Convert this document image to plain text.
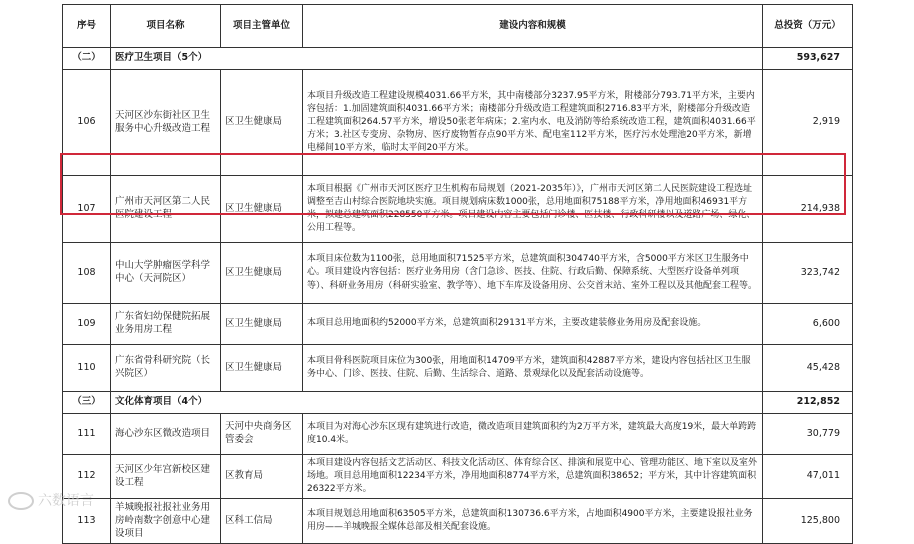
序号	项目名称	项目主管单位	建设内容和规模	总投资（万元）
（二）	医疗卫生项目（5个）			593,627
106	天河区沙东街社区卫生服务中心升级改造工程	区卫生健康局	本项目升级改造工程建设规模4031.66平方米，其中南楼部分3237.95平方米，附楼部分793.71平方米，主要内容包括：1.加固建筑面积4031.66平方米；南楼部分升级改造工程建筑面积2716.83平方米，附楼部分升级改造工程建筑面积264.57平方米，增设50张老年病床；2.室内水、电及消防等给系统改造工程，建筑面积4031.66平方米；3.社区专变房、杂物房、医疗废物暂存点90平方米、配电室112平方米，医疗污水处理池20平方米，新增电梯间10平方米，临时太平间20平方米。	2,919
107	广州市天河区第二人民医院建设工程	区卫生健康局	本项目根据《广州市天河区医疗卫生机构布局规划（2021-2035年）》，广州市天河区第二人民医院建设工程选址调整至吉山村综合医院地块实施。项目规划病床数1000张，总用地面积75188平方米，净用地面积46931平方米，拟建总建筑面积228550平方米。项目建设内容主要包括门诊楼、医技楼、行政科研楼以及道路广场、绿化、公用工程等。	214,938
108	中山大学肿瘤医学科学中心（天河院区）	区卫生健康局	本项目床位数为1100张，总用地面积71525平方米，总建筑面积304740平方米，含5000平方米区卫生服务中心。项目建设内容包括：医疗业务用房（含门急诊、医技、住院、行政后勤、保障系统、大型医疗设备单列项等）、科研业务用房（科研实验室、教学等）、地下车库及设备用房、公交首末站、室外工程以及其他配套工程等。	323,742
109	广东省妇幼保健院拓展业务用房工程	区卫生健康局	本项目总用地面积约52000平方米，总建筑面积29131平方米，主要改建装修业务用房及配套设施。	6,600
110	广东省骨科研究院（长兴院区）	区卫生健康局	本项目骨科医院项目床位为300张，用地面积14709平方米，建筑面积42887平方米，建设内容包括社区卫生服务中心、门诊、医技、住院、后勤、生活综合、道路、景观绿化以及配套活动设施等。	45,428
（三）	文化体育项目（4个）			212,852
111	海心沙东区微改造项目	天河中央商务区管委会	本项目为对海心沙东区现有建筑进行改造，微改造项目建筑面积约为2万平方米，建筑最大高度19米，最大单跨跨度10.4米。	30,779
112	天河区少年宫新校区建设工程	区教育局	本项目建设内容包括文艺活动区、科技文化活动区、体育综合区、排演和展览中心、管理功能区、地下室以及室外场地。项目总用地面积12234平方米，净用地面积8774平方米，总建筑面积38652；平方米，其中计容建筑面积26322平方米。	47,011
113	羊城晚报社报社业务用房岭南数字创意中心建设项目	区科工信局	本项目规划总用地面积63505平方米，总建筑面积130736.6平方米，占地面积4900平方米，主要建设报社业务用房——羊城晚报全媒体总部及相关配套设施。	125,800
六数语言
